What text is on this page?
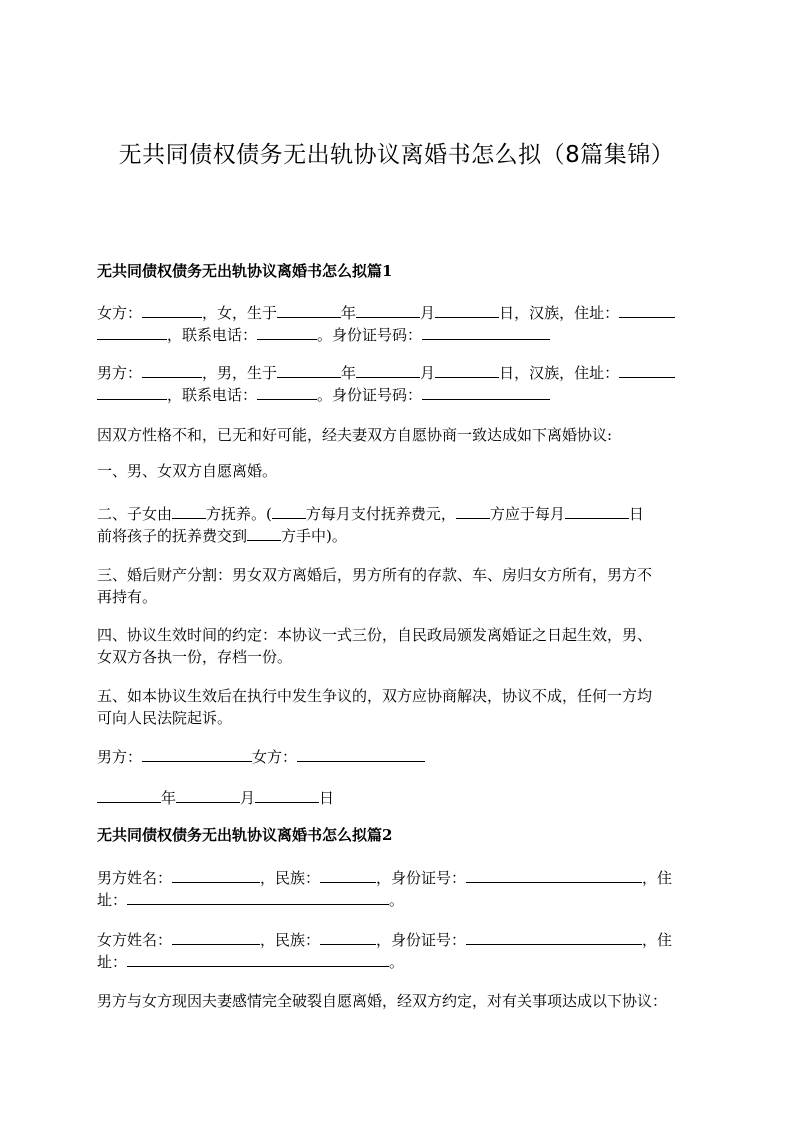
无共同债权债务无出轨协议离婚书怎么拟（8篇集锦）
无共同债权债务无出轨协议离婚书怎么拟篇1
女方：	，女，生于	年	月	日，汉族，住址：
，联系电话：	。身份证号码：
男方：	，男，生于	年	月	日，汉族，住址：
，联系电话：	。身份证号码：
因双方性格不和，已无和好可能，经夫妻双方自愿协商一致达成如下离婚协议:
一、男、女双方自愿离婚。
二、子女由 方抚养。( 方每月支付抚养费元， 方应于每月	日
前将孩子的抚养费交到 方手中)。
三、婚后财产分割：男女双方离婚后，男方所有的存款、车、房归女方所有，男方不
再持有。
四、协议生效时间的约定：本协议一式三份，自民政局颁发离婚证之日起生效，男、
女双方各执一份，存档一份。
五、如本协议生效后在执行中发生争议的，双方应协商解决，协议不成，任何一方均
可向人民法院起诉。
男方：	女方：
年	月	日
无共同债权债务无出轨协议离婚书怎么拟篇2
男方姓名：	，民族：	，身份证号：	，住
址：	。
女方姓名：	，民族：	，身份证号：	，住
址：	。
男方与女方现因夫妻感情完全破裂自愿离婚，经双方约定，对有关事项达成以下协议：
